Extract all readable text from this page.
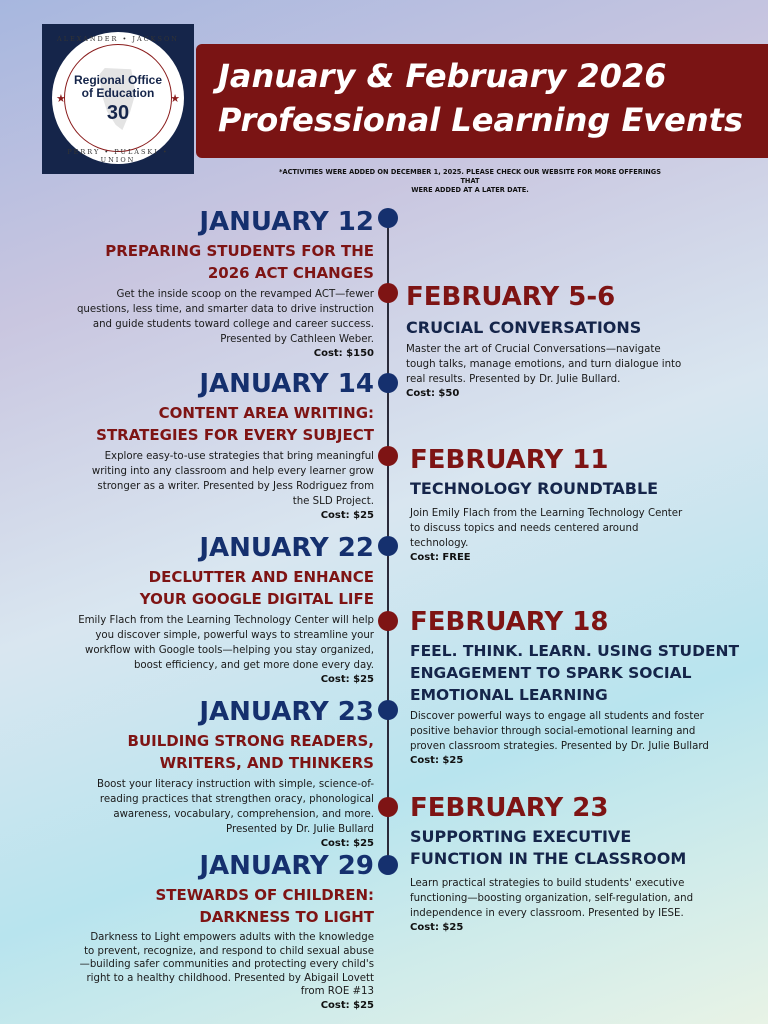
ALEXANDER • JACKSON
★	★
Regional Office
of Education
30
PERRY • PULASKI • UNION
January & February 2026
Professional Learning Events
*ACTIVITIES WERE ADDED ON DECEMBER 1, 2025. PLEASE CHECK OUR WEBSITE FOR MORE OFFERINGS THAT
WERE ADDED AT A LATER DATE.
JANUARY 12
PREPARING STUDENTS FOR THE
2026 ACT CHANGES
Get the inside scoop on the revamped ACT—fewer
questions, less time, and smarter data to drive instruction
and guide students toward college and career success.
Presented by Cathleen Weber.
Cost: $150
JANUARY 14
CONTENT AREA WRITING:
STRATEGIES FOR EVERY SUBJECT
Explore easy-to-use strategies that bring meaningful
writing into any classroom and help every learner grow
stronger as a writer. Presented by Jess Rodriguez from
the SLD Project.
Cost: $25
JANUARY 22
DECLUTTER AND ENHANCE
YOUR GOOGLE DIGITAL LIFE
Emily Flach from the Learning Technology Center will help
you discover simple, powerful ways to streamline your
workflow with Google tools—helping you stay organized,
boost efficiency, and get more done every day.
Cost: $25
JANUARY 23
BUILDING STRONG READERS,
WRITERS, AND THINKERS
Boost your literacy instruction with simple, science-of-
reading practices that strengthen oracy, phonological
awareness, vocabulary, comprehension, and more.
Presented by Dr. Julie Bullard
Cost: $25
JANUARY 29
STEWARDS OF CHILDREN:
DARKNESS TO LIGHT
Darkness to Light empowers adults with the knowledge
to prevent, recognize, and respond to child sexual abuse
—building safer communities and protecting every child's
right to a healthy childhood. Presented by Abigail Lovett
from ROE #13
Cost: $25
FEBRUARY 5-6
CRUCIAL CONVERSATIONS
Master the art of Crucial Conversations—navigate
tough talks, manage emotions, and turn dialogue into
real results. Presented by Dr. Julie Bullard.
Cost: $50
FEBRUARY 11
TECHNOLOGY ROUNDTABLE
Join Emily Flach from the Learning Technology Center
to discuss topics and needs centered around
technology.
Cost: FREE
FEBRUARY 18
FEEL. THINK. LEARN. USING STUDENT
ENGAGEMENT TO SPARK SOCIAL
EMOTIONAL LEARNING
Discover powerful ways to engage all students and foster
positive behavior through social-emotional learning and
proven classroom strategies. Presented by Dr. Julie Bullard
Cost: $25
FEBRUARY 23
SUPPORTING EXECUTIVE
FUNCTION IN THE CLASSROOM
Learn practical strategies to build students' executive
functioning—boosting organization, self-regulation, and
independence in every classroom. Presented by IESE.
Cost: $25
